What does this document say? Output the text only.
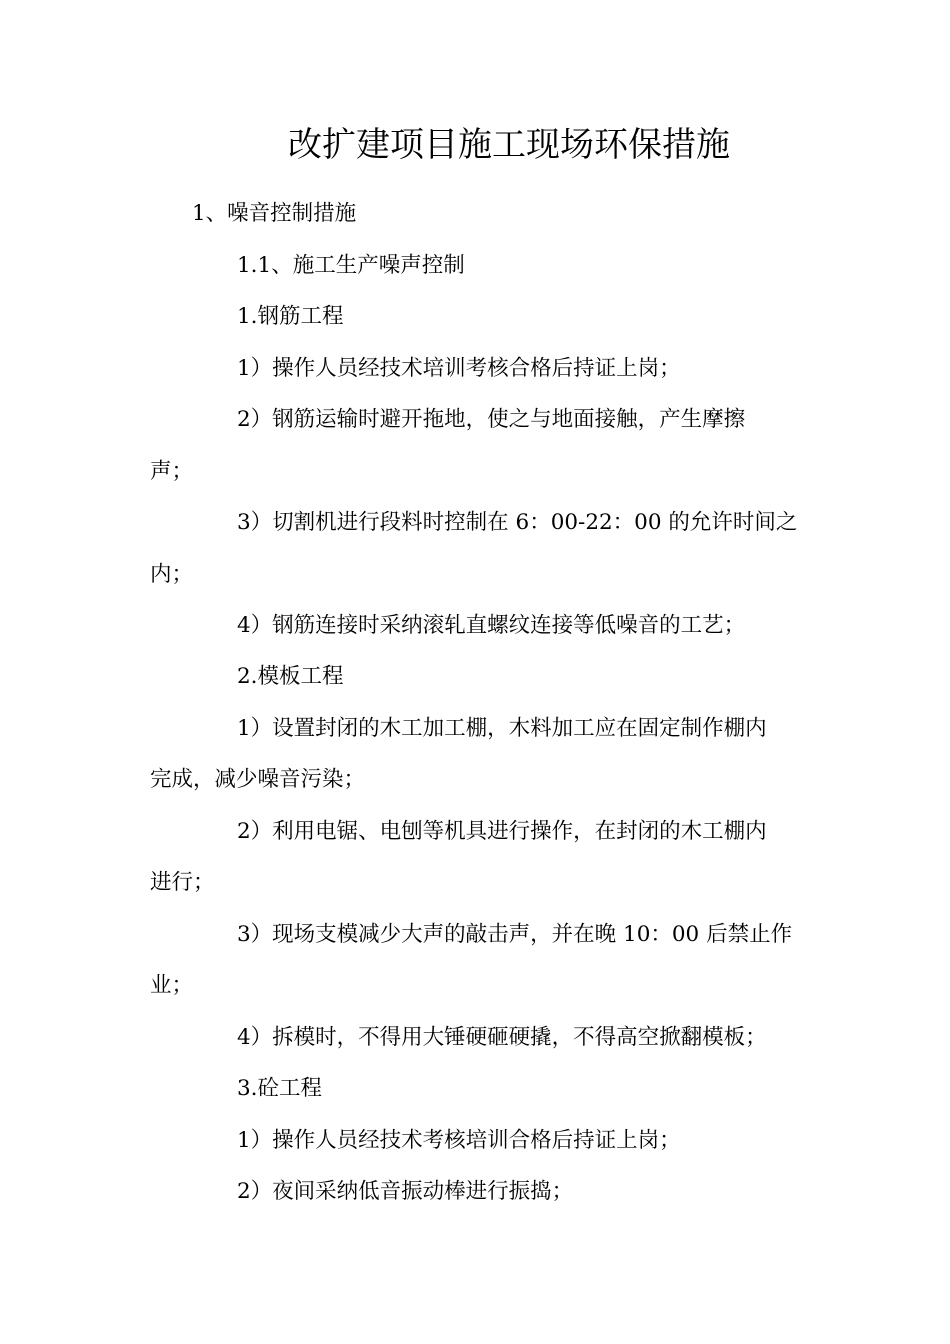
改扩建项目施工现场环保措施
1、噪音控制措施
1.1、施工生产噪声控制
1.钢筋工程
1）操作人员经技术培训考核合格后持证上岗；
2）钢筋运输时避开拖地，使之与地面接触，产生摩擦
声；
3）切割机进行段料时控制在 6：00-22：00 的允许时间之
内；
4）钢筋连接时采纳滚轧直螺纹连接等低噪音的工艺；
2.模板工程
1）设置封闭的木工加工棚，木料加工应在固定制作棚内
完成，减少噪音污染；
2）利用电锯、电刨等机具进行操作，在封闭的木工棚内
进行；
3）现场支模减少大声的敲击声，并在晚 10：00 后禁止作
业；
4）拆模时，不得用大锤硬砸硬撬，不得高空掀翻模板；
3.砼工程
1）操作人员经技术考核培训合格后持证上岗；
2）夜间采纳低音振动棒进行振捣；
